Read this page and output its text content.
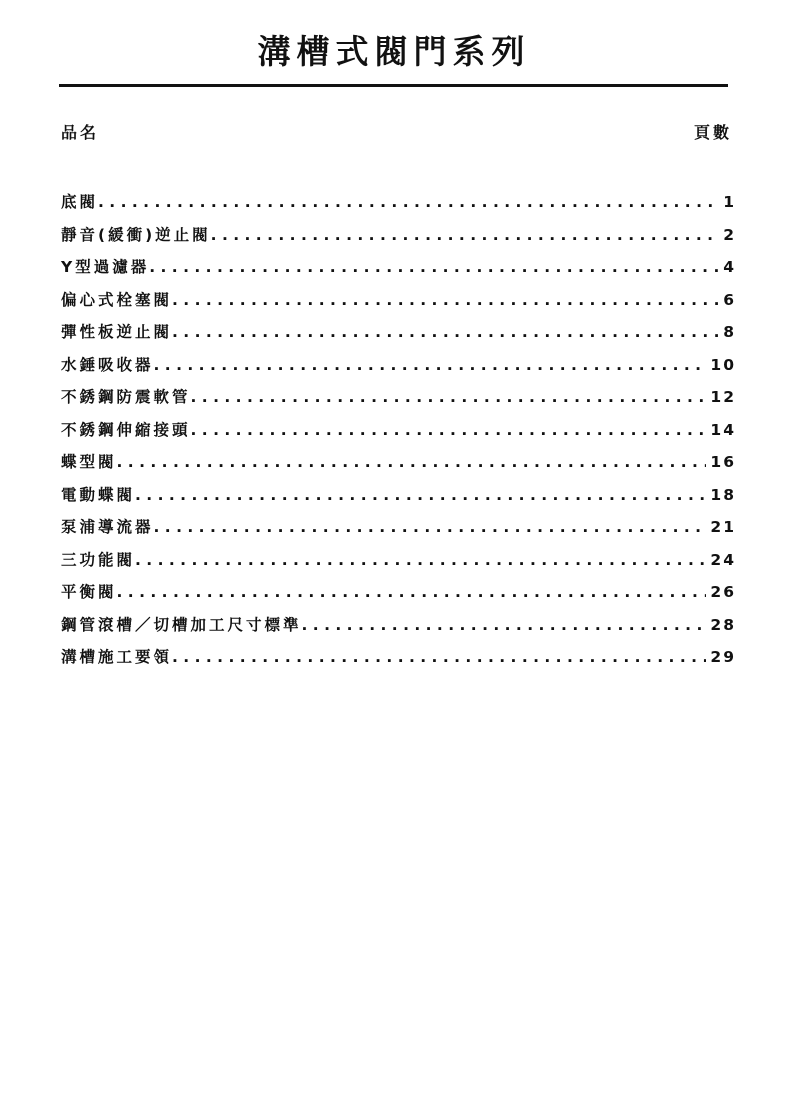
溝槽式閥門系列
品名	頁數
底閥 . . .	1
靜音(緩衝)逆止閥 . . .	2
Y型過濾器 . . .	4
偏心式栓塞閥 . . .	6
彈性板逆止閥 . . .	8
水錘吸收器 . . .	10
不銹鋼防震軟管 . . .	12
不銹鋼伸縮接頭 . . .	14
蝶型閥 . . .	16
電動蝶閥 . . .	18
泵浦導流器 . . .	21
三功能閥 . . .	24
平衡閥 . . .	26
鋼管滾槽／切槽加工尺寸標準 . . .	28
溝槽施工要領 . . .	29
